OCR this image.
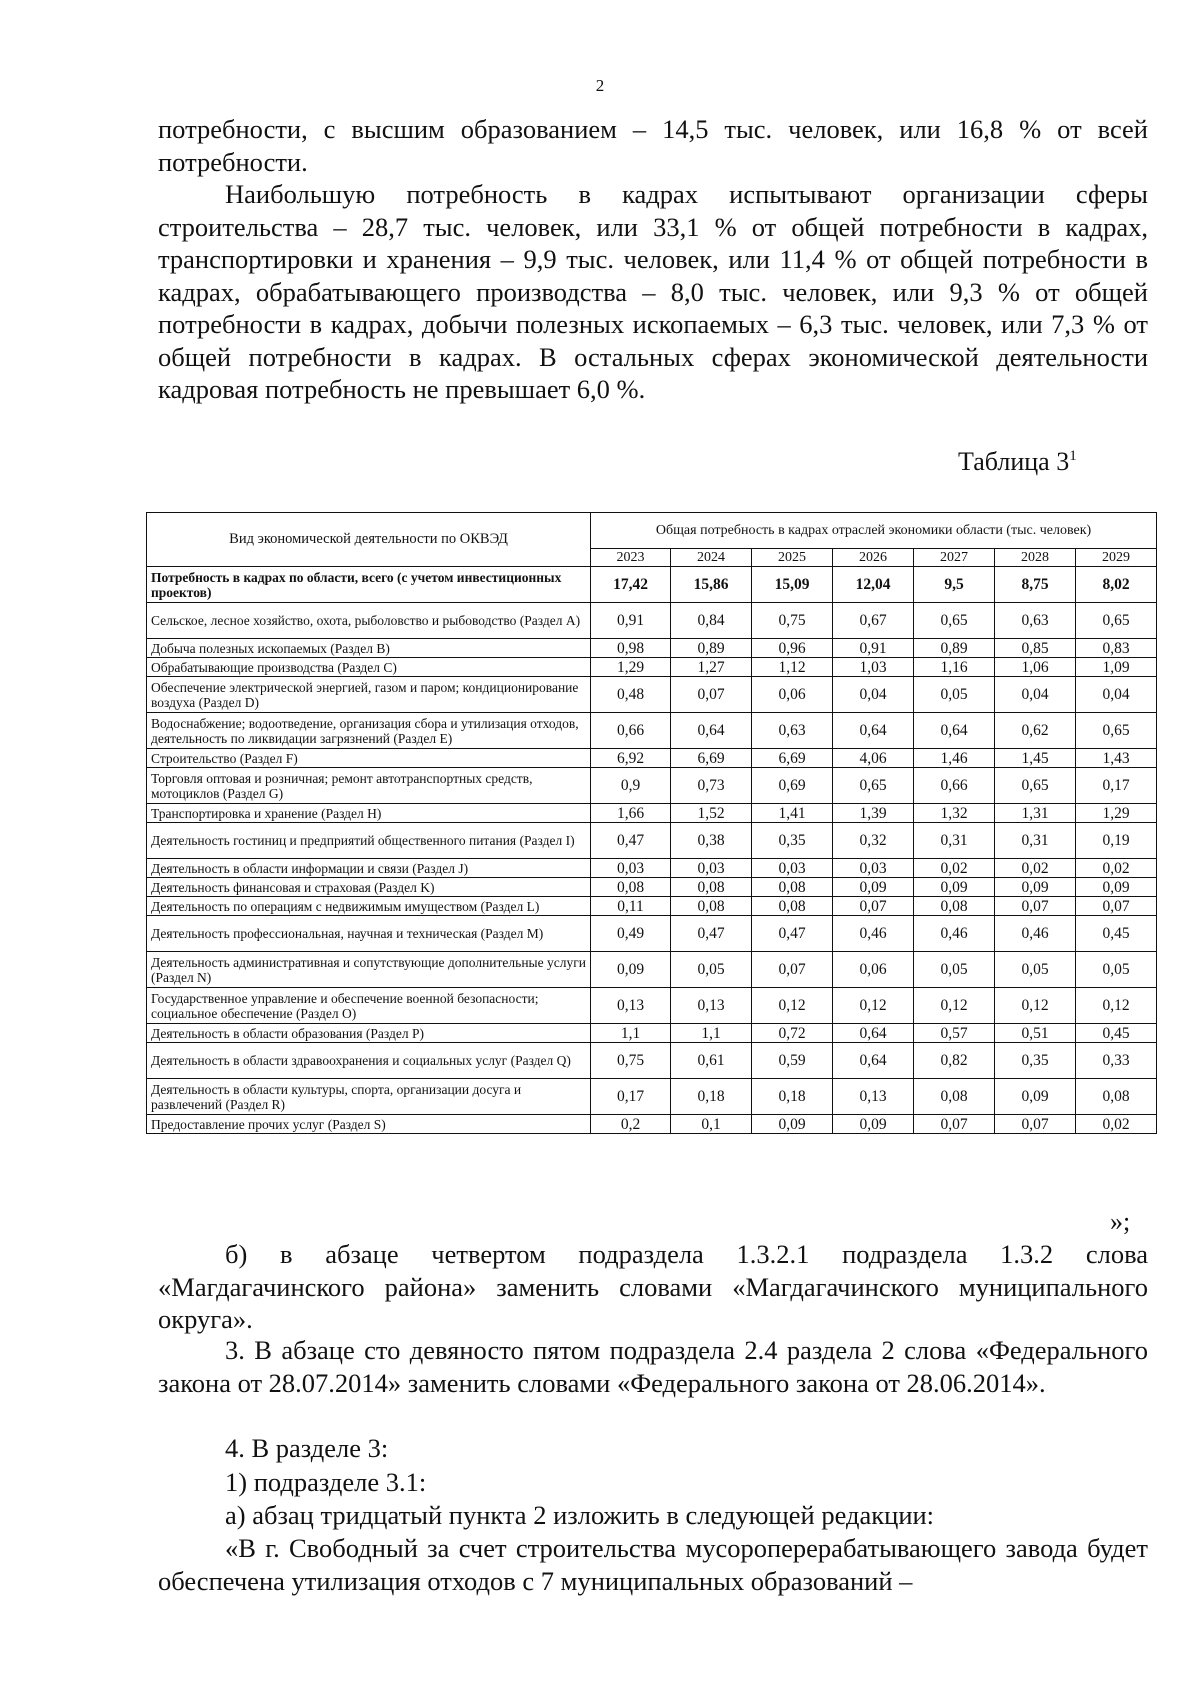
2

потребности, с высшим образованием – 14,5 тыс. человек, или 16,8 % от всей потребности.

Наибольшую потребность в кадрах испытывают организации сферы строительства – 28,7 тыс. человек, или 33,1 % от общей потребности в кадрах, транспортировки и хранения – 9,9 тыс. человек, или 11,4 % от общей потребности в кадрах, обрабатывающего производства – 8,0 тыс. человек, или 9,3 % от общей потребности в кадрах, добычи полезных ископаемых – 6,3 тыс. человек, или 7,3 % от общей потребности в кадрах. В остальных сферах экономической деятельности кадровая потребность не превышает 6,0 %.

Таблица $3^1$
Вид экономической деятельности по ОКВЭД	Общая потребность в кадрах отраслей экономики области (тыс. человек)						
	2023	2024	2025	2026	2027	2028	2029
Потребность в кадрах по области, всего (с учетом инвестиционных проектов)	17,42	15,86	15,09	12,04	9,5	8,75	8,02
Сельское, лесное хозяйство, охота, рыболовство и рыбоводство (Раздел A)	0,91	0,84	0,75	0,67	0,65	0,63	0,65
Добыча полезных ископаемых (Раздел B)	0,98	0,89	0,96	0,91	0,89	0,85	0,83
Обрабатывающие производства (Раздел C)	1,29	1,27	1,12	1,03	1,16	1,06	1,09
Обеспечение электрической энергией, газом и паром; кондиционирование воздуха (Раздел D)	0,48	0,07	0,06	0,04	0,05	0,04	0,04
Водоснабжение; водоотведение, организация сбора и утилизация отходов, деятельность по ликвидации загрязнений (Раздел E)	0,66	0,64	0,63	0,64	0,64	0,62	0,65
Строительство (Раздел F)	6,92	6,69	6,69	4,06	1,46	1,45	1,43
Торговля оптовая и розничная; ремонт автотранспортных средств, мотоциклов (Раздел G)	0,9	0,73	0,69	0,65	0,66	0,65	0,17
Транспортировка и хранение (Раздел H)	1,66	1,52	1,41	1,39	1,32	1,31	1,29
Деятельность гостиниц и предприятий общественного питания (Раздел I)	0,47	0,38	0,35	0,32	0,31	0,31	0,19
Деятельность в области информации и связи (Раздел J)	0,03	0,03	0,03	0,03	0,02	0,02	0,02
Деятельность финансовая и страховая (Раздел K)	0,08	0,08	0,08	0,09	0,09	0,09	0,09
Деятельность по операциям с недвижимым имуществом (Раздел L)	0,11	0,08	0,08	0,07	0,08	0,07	0,07
Деятельность профессиональная, научная и техническая (Раздел M)	0,49	0,47	0,47	0,46	0,46	0,46	0,45
Деятельность административная и сопутствующие дополнительные услуги (Раздел N)	0,09	0,05	0,07	0,06	0,05	0,05	0,05
Государственное управление и обеспечение военной безопасности; социальное обеспечение (Раздел O)	0,13	0,13	0,12	0,12	0,12	0,12	0,12
Деятельность в области образования (Раздел P)	1,1	1,1	0,72	0,64	0,57	0,51	0,45
Деятельность в области здравоохранения и социальных услуг (Раздел Q)	0,75	0,61	0,59	0,64	0,82	0,35	0,33
Деятельность в области культуры, спорта, организации досуга и развлечений (Раздел R)	0,17	0,18	0,18	0,13	0,08	0,09	0,08
Предоставление прочих услуг (Раздел S)	0,2	0,1	0,09	0,09	0,07	0,07	0,02
»;

б) в абзаце четвертом подраздела 1.3.2.1 подраздела 1.3.2 слова «Магдагачинского района» заменить словами «Магдагачинского муниципального округа».

3. В абзаце сто девяносто пятом подраздела 2.4 раздела 2 слова «Федерального закона от 28.07.2014» заменить словами «Федерального закона от 28.06.2014».

4. В разделе 3:

1) подразделе 3.1:

а) абзац тридцатый пункта 2 изложить в следующей редакции:

«В г. Свободный за счет строительства мусороперерабатывающего завода будет обеспечена утилизация отходов с 7 муниципальных образований –
